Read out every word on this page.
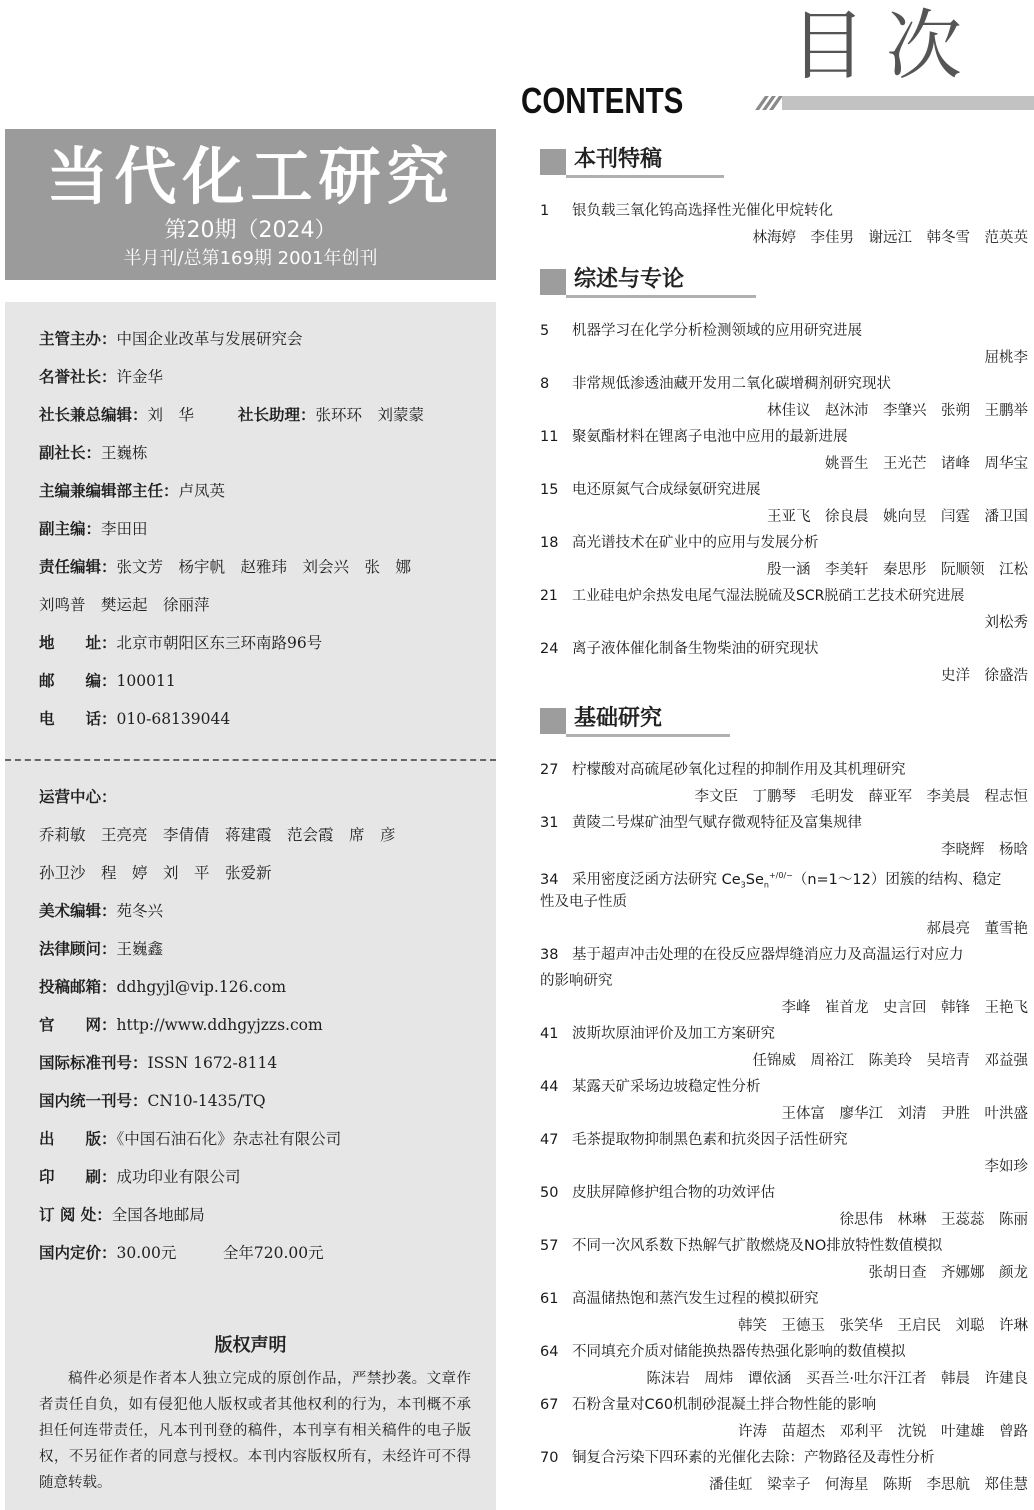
目次
CONTENTS
当代化工研究
第20期（2024）
半月刊/总第169期 2001年创刊
主管主办：中国企业改革与发展研究会
名誉社长：许金华
社长兼总编辑：刘　华	社长助理：张环环　刘蒙蒙
副社长：王巍栋
主编兼编辑部主任：卢凤英
副主编：李田田
责任编辑：张文芳　杨宇帆　赵雅玮　刘会兴　张　娜
刘鸣普　樊运起　徐丽萍
地　　址：北京市朝阳区东三环南路96号
邮　　编：100011
电　　话：010-68139044
运营中心：
乔莉敏　王亮亮　李倩倩　蒋建霞　范会霞　席　彦
孙卫沙　程　婷　刘　平　张爱新
美术编辑：苑冬兴
法律顾问：王巍鑫
投稿邮箱：ddhgyjl@vip.126.com
官　　网：http://www.ddhgyjzzs.com
国际标准刊号：ISSN 1672-8114
国内统一刊号：CN10-1435/TQ
出　　版：《中国石油石化》杂志社有限公司
印　　刷：成功印业有限公司
订 阅 处：全国各地邮局
国内定价：30.00元　　　全年720.00元
版权声明
稿件必须是作者本人独立完成的原创作品，严禁抄袭。文章作者责任自负，如有侵犯他人版权或者其他权利的行为，本刊概不承担任何连带责任，凡本刊刊登的稿件，本刊享有相关稿件的电子版权，不另征作者的同意与授权。本刊内容版权所有，未经许可不得随意转载。
本刊特稿
1 银负载三氧化钨高选择性光催化甲烷转化
林海婷　李佳男　谢远江　韩冬雪　范英英
综述与专论
5 机器学习在化学分析检测领域的应用研究进展
屈桃李
8 非常规低渗透油藏开发用二氧化碳增稠剂研究现状
林佳议　赵沐沛　李肇兴　张朔　王鹏举
11 聚氨酯材料在锂离子电池中应用的最新进展
姚晋生　王光芒　诸峰　周华宝
15 电还原氮气合成绿氨研究进展
王亚飞　徐良晨　姚向昱　闫霆　潘卫国
18 高光谱技术在矿业中的应用与发展分析
殷一涵　李美轩　秦思彤　阮顺领　江松
21 工业硅电炉余热发电尾气湿法脱硫及SCR脱硝工艺技术研究进展
刘松秀
24 离子液体催化制备生物柴油的研究现状
史洋　徐盛浩
基础研究
27 柠檬酸对高硫尾砂氧化过程的抑制作用及其机理研究
李文臣　丁鹏琴　毛明发　薛亚军　李美晨　程志恒
31 黄陵二号煤矿油型气赋存微观特征及富集规律
李晓辉　杨晗
34 采用密度泛函方法研究 $Ce_3Se_n^{+/0/-}(n=1\sim 12)$团簇的结构、稳定
性及电子性质
郝晨亮　董雪艳
38 基于超声冲击处理的在役反应器焊缝消应力及高温运行对应力
的影响研究
李峰　崔首龙　史言回　韩锋　王艳飞
41 波斯坎原油评价及加工方案研究
任锦威　周裕江　陈美玲　吴培青　邓益强
44 某露天矿采场边坡稳定性分析
王体富　廖华江　刘清　尹胜　叶洪盛
47 毛茶提取物抑制黑色素和抗炎因子活性研究
李如珍
50 皮肤屏障修护组合物的功效评估
徐思伟　林琳　王蕊蕊　陈丽
57 不同一次风系数下热解气扩散燃烧及NO排放特性数值模拟
张胡日查　齐娜娜　颜龙
61 高温储热饱和蒸汽发生过程的模拟研究
韩笑　王德玉　张笑华　王启民　刘聪　许琳
64 不同填充介质对储能换热器传热强化影响的数值模拟
陈沫岩　周炜　谭依涵　买吾兰·吐尔汗江者　韩晨　许建良
67 石粉含量对C60机制砂混凝土拌合物性能的影响
许涛　苗超杰　邓利平　沈锐　叶建雄　曾路
70 铜复合污染下四环素的光催化去除：产物路径及毒性分析
潘佳虹　梁幸子　何海星　陈斯　李思航　郑佳慧
